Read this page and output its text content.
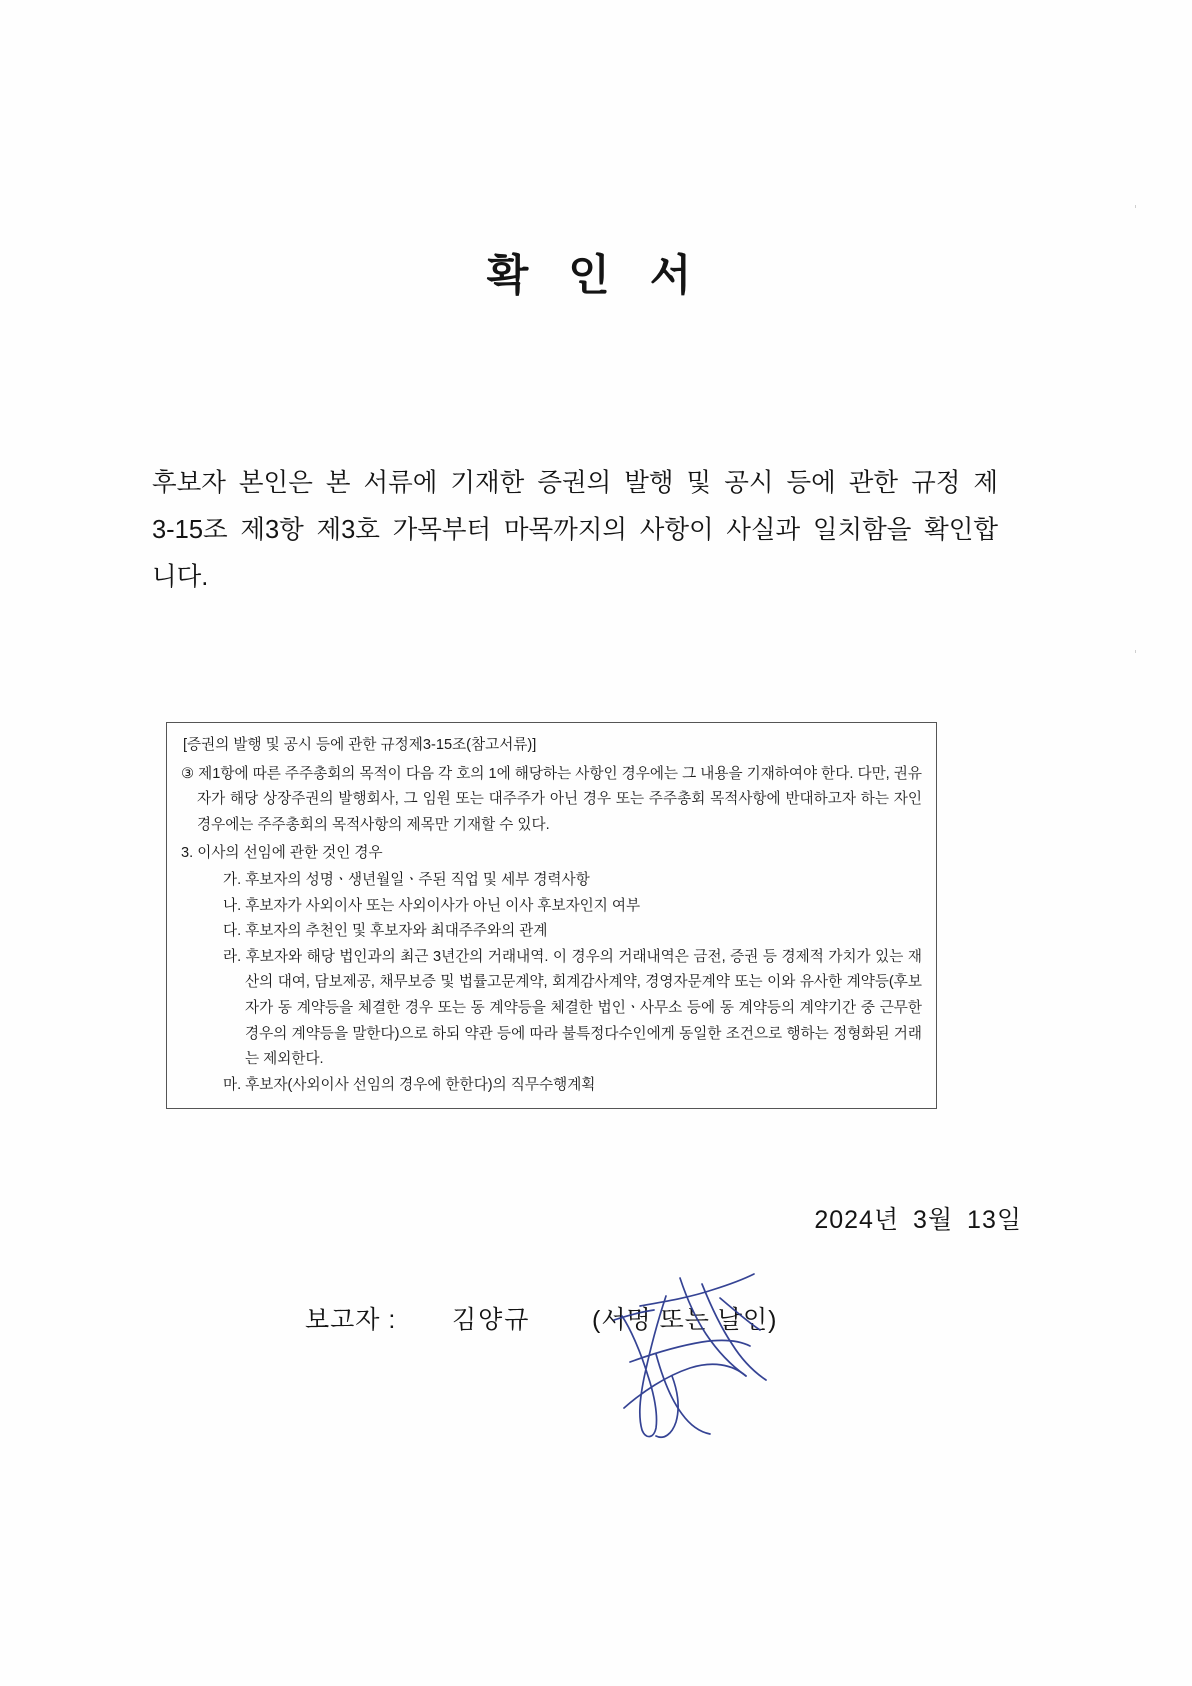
확 인 서
후보자 본인은 본 서류에 기재한 증권의 발행 및 공시 등에 관한 규정 제3-15조 제3항 제3호 가목부터 마목까지의 사항이 사실과 일치함을 확인합니다.
[증권의 발행 및 공시 등에 관한 규정제3-15조(참고서류)]
③ 제1항에 따른 주주총회의 목적이 다음 각 호의 1에 해당하는 사항인 경우에는 그 내용을 기재하여야 한다. 다만, 권유자가 해당 상장주권의 발행회사, 그 임원 또는 대주주가 아닌 경우 또는 주주총회 목적사항에 반대하고자 하는 자인 경우에는 주주총회의 목적사항의 제목만 기재할 수 있다.
3. 이사의 선임에 관한 것인 경우
가. 후보자의 성명ㆍ생년월일ㆍ주된 직업 및 세부 경력사항
나. 후보자가 사외이사 또는 사외이사가 아닌 이사 후보자인지 여부
다. 후보자의 추천인 및 후보자와 최대주주와의 관계
라. 후보자와 해당 법인과의 최근 3년간의 거래내역. 이 경우의 거래내역은 금전, 증권 등 경제적 가치가 있는 재산의 대여, 담보제공, 채무보증 및 법률고문계약, 회계감사계약, 경영자문계약 또는 이와 유사한 계약등(후보자가 동 계약등을 체결한 경우 또는 동 계약등을 체결한 법인ㆍ사무소 등에 동 계약등의 계약기간 중 근무한 경우의 계약등을 말한다)으로 하되 약관 등에 따라 불특정다수인에게 동일한 조건으로 행하는 정형화된 거래는 제외한다.
마. 후보자(사외이사 선임의 경우에 한한다)의 직무수행계획
2024년 3월 13일
보고자 : 김양규 (서명 또는 날인)
